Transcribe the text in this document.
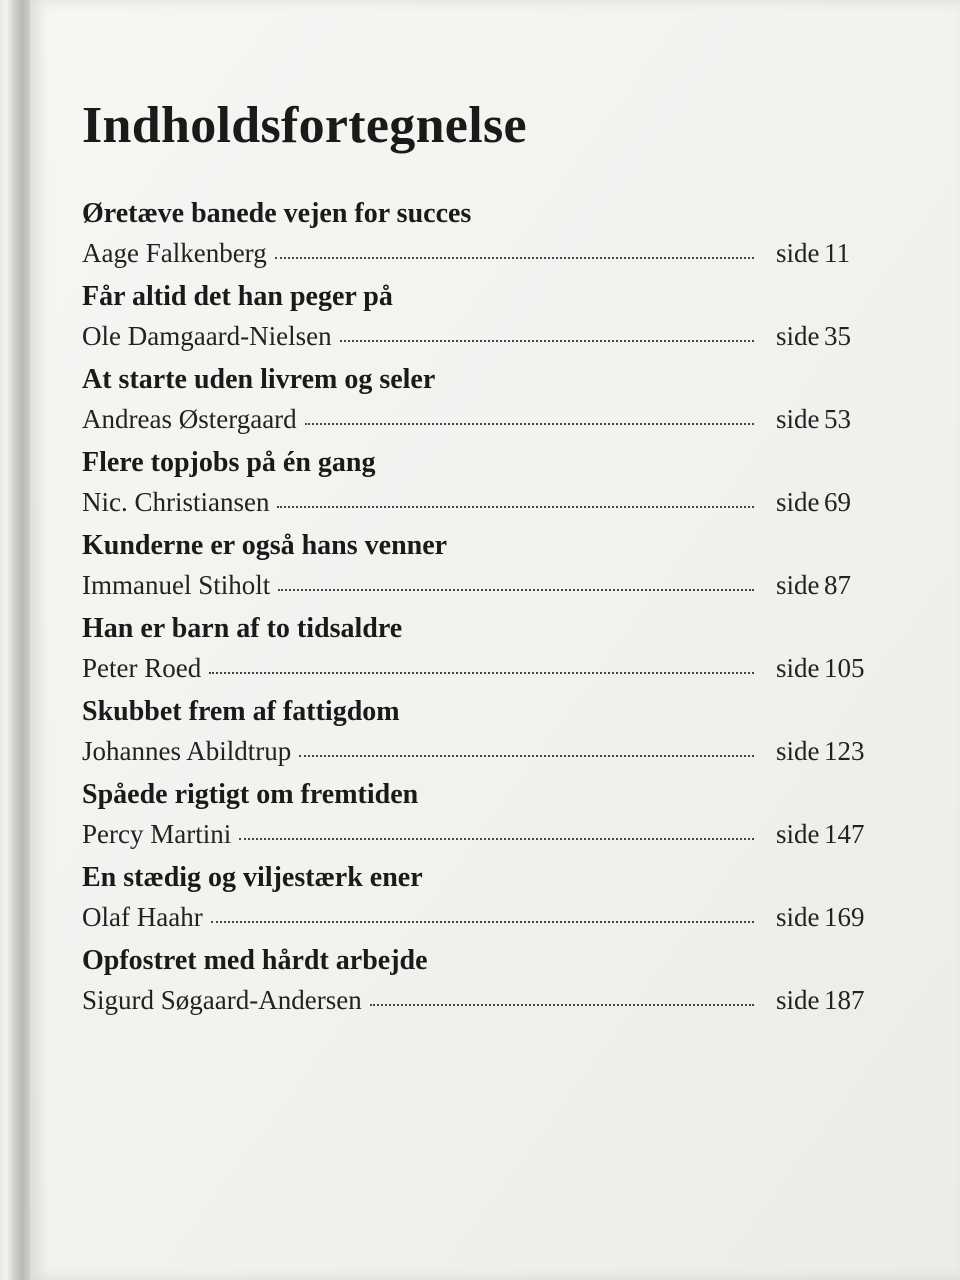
Indholdsfortegnelse
Øretæve banede vejen for succes
Aage Falkenberg	side 11
Får altid det han peger på
Ole Damgaard-Nielsen	side 35
At starte uden livrem og seler
Andreas Østergaard	side 53
Flere topjobs på én gang
Nic. Christiansen	side 69
Kunderne er også hans venner
Immanuel Stiholt	side 87
Han er barn af to tidsaldre
Peter Roed	side 105
Skubbet frem af fattigdom
Johannes Abildtrup	side 123
Spåede rigtigt om fremtiden
Percy Martini	side 147
En stædig og viljestærk ener
Olaf Haahr	side 169
Opfostret med hårdt arbejde
Sigurd Søgaard-Andersen	side 187
